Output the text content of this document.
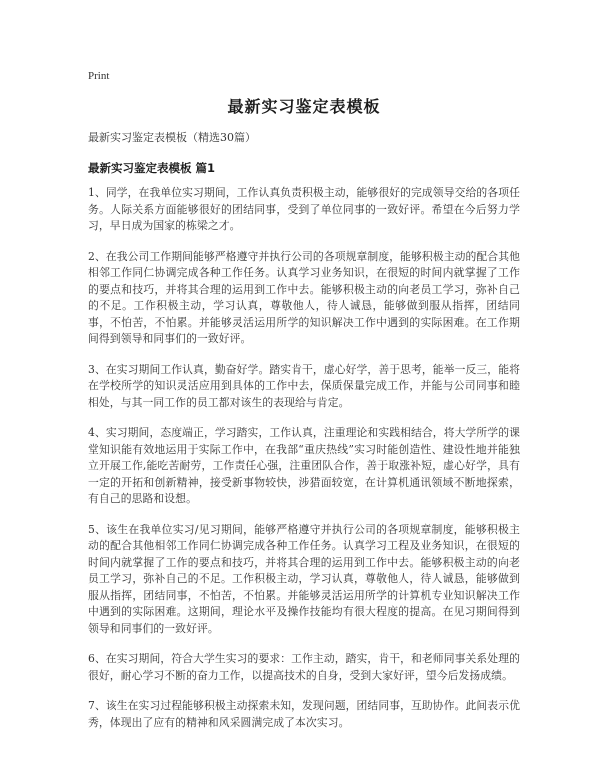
Print
最新实习鉴定表模板
最新实习鉴定表模板（精选30篇）
最新实习鉴定表模板 篇1

1、同学，在我单位实习期间，工作认真负责积极主动，能够很好的完成领导交给的各项任务。人际关系方面能够很好的团结同事，受到了单位同事的一致好评。希望在今后努力学习，早日成为国家的栋梁之才。

2、在我公司工作期间能够严格遵守并执行公司的各项规章制度，能够积极主动的配合其他相邻工作同仁协调完成各种工作任务。认真学习业务知识，在很短的时间内就掌握了工作的要点和技巧，并将其合理的运用到工作中去。能够积极主动的向老员工学习，弥补自己的不足。工作积极主动，学习认真，尊敬他人，待人诚恳，能够做到服从指挥，团结同事，不怕苦，不怕累。并能够灵活运用所学的知识解决工作中遇到的实际困难。在工作期间得到领导和同事们的一致好评。

3、在实习期间工作认真，勤奋好学。踏实肯干，虚心好学，善于思考，能举一反三，能将在学校所学的知识灵活应用到具体的工作中去，保质保量完成工作，并能与公司同事和睦相处，与其一同工作的员工都对该生的表现给与肯定。

4、实习期间，态度端正，学习踏实，工作认真，注重理论和实践相结合，将大学所学的课堂知识能有效地运用于实际工作中，在我部“重庆热线”实习时能创造性、建设性地并能独立开展工作,能吃苦耐劳，工作责任心强，注重团队合作，善于取涨补短，虚心好学，具有一定的开拓和创新精神，接受新事物较快，涉猎面较宽，在计算机通讯领域不断地探索，有自己的思路和设想。

5、该生在我单位实习/见习期间，能够严格遵守并执行公司的各项规章制度，能够积极主动的配合其他相邻工作同仁协调完成各种工作任务。认真学习工程及业务知识，在很短的时间内就掌握了工作的要点和技巧，并将其合理的运用到工作中去。能够积极主动的向老员工学习，弥补自己的不足。工作积极主动，学习认真，尊敬他人，待人诚恳，能够做到服从指挥，团结同事，不怕苦，不怕累。并能够灵活运用所学的计算机专业知识解决工作中遇到的实际困难。这期间，理论水平及操作技能均有很大程度的提高。在见习期间得到领导和同事们的一致好评。

6、在实习期间，符合大学生实习的要求：工作主动，踏实，肯干，和老师同事关系处理的很好，耐心学习不断的奋力工作，以提高技术的自身，受到大家好评，望今后发扬成绩。

7、该生在实习过程能够积极主动探索未知，发现问题，团结同事，互助协作。此间表示优秀，体现出了应有的精神和风采圆满完成了本次实习。
